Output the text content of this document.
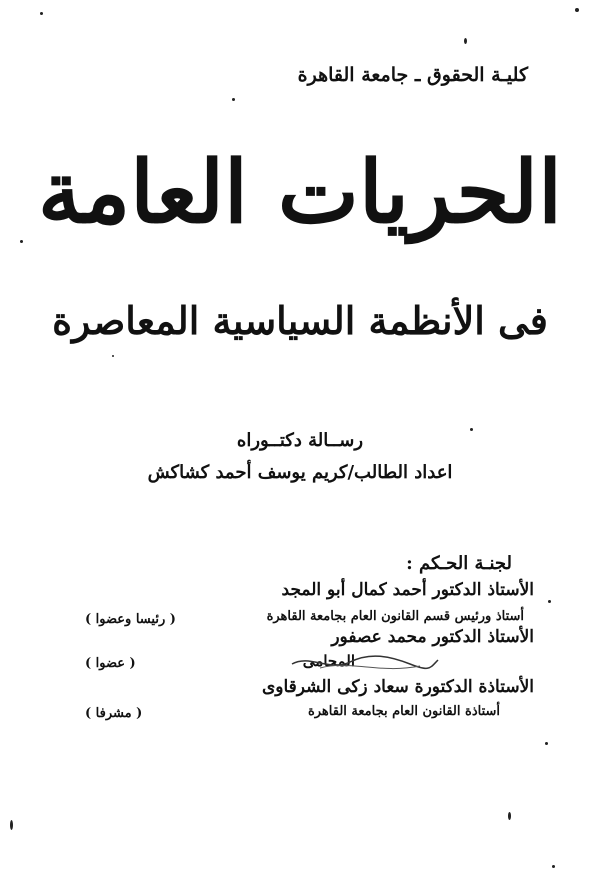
كليـة الحقوق ـ جامعة القاهرة
الحريات العامة
فى الأنظمة السياسية المعاصرة
رســالة دكتــوراه
اعداد الطالب/كريم يوسف أحمد كشاكش
لجنـة الحـكم :
الأستاذ الدكتور أحمد كمال أبو المجد
أستاذ ورئيس قسم القانون العام بجامعة القاهرة
( رئيسا وعضوا )
الأستاذ الدكتور محمد عصفور
المحامى
( عضوا )
الأستاذة الدكتورة سعاد زكى الشرقاوى
أستاذة القانون العام بجامعة القاهرة
( مشرفا )
